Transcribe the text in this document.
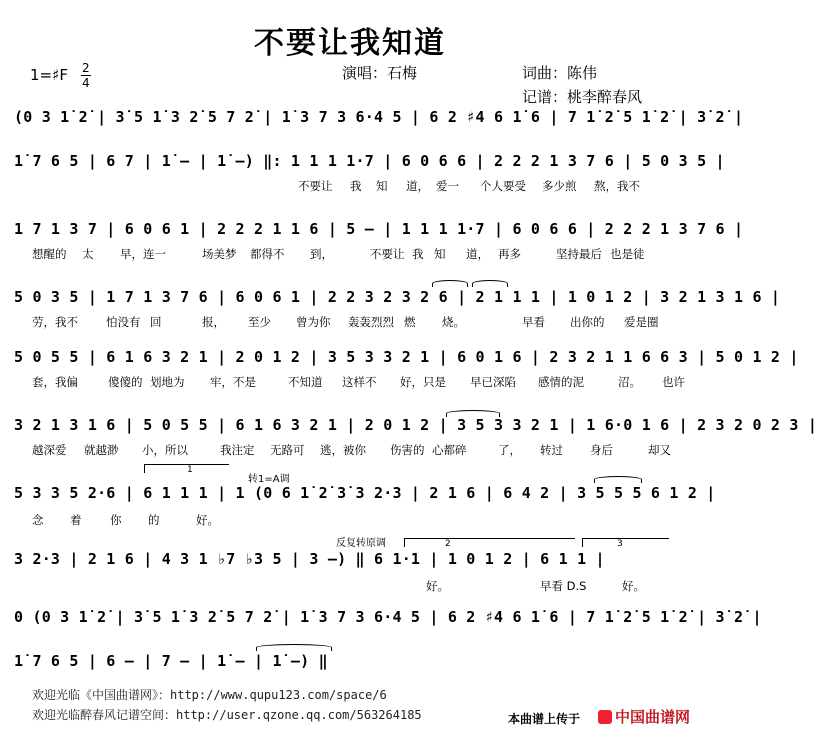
不要让我知道
1=♯F $\frac{2}{4}$	演唱：石梅	词曲：陈伟
记谱：桃李醉春风
(0 3 1̇ 2̇ | 3̇ 5 1̇ 3 2̇ 5 7 2̇ | 1̇ 3 7 3 6·4 5 | 6 2 ♯4 6 1̇ 6 | 7 1̇ 2̇ 5 1̇ 2̇ | 3̇ 2̇ |
1̇ 7 6 5 | 6 7 | 1̇ — | 1̇ —) ‖: 1 1 1 1·7 | 6 0 6 6 | 2 2 2 1 3 7 6 | 5 0 3 5 |
1 7 1 3 7 | 6 0 6 1 | 2 2 2 1 1 6 | 5 — | 1 1 1 1·7 | 6 0 6 6 | 2 2 2 1 3 7 6 |
5 0 3 5 | 1 7 1 3 7 6 | 6 0 6 1 | 2 2 3 2 3 2 6 | 2 1 1 1 | 1 0 1 2 | 3 2 1 3 1 6 |
5 0 5 5 | 6 1 6 3 2 1 | 2 0 1 2 | 3 5 3 3 2 1 | 6 0 1 6 | 2 3 2 1 1 6 6 3 | 5 0 1 2 |
3 2 1 3 1 6 | 5 0 5 5 | 6 1 6 3 2 1 | 2 0 1 2 | 3 5 3 3 2 1 | 1 6·0 1 6 | 2 3 2 0 2 3 |
5 3 3 5 2·6 | 6 1 1 1 | 1 (0 6 1̇ 2̇ 3̇ 3 2·3 | 2 1 6 | 6 4 2 | 3 5 5 5 6 1 2 |
3 2·3 | 2 1 6 | 4 3 1 ♭7 ♭3 5 | 3 —) ‖ 6 1·1 | 1 0 1 2 | 6 1 1 |
0 (0 3 1̇ 2̇ | 3̇ 5 1̇ 3 2̇ 5 7 2̇ | 1̇ 3 7 3 6·4 5 | 6 2 ♯4 6 1̇ 6 | 7 1̇ 2̇ 5 1̇ 2̇ | 3̇ 2̇ |
1̇ 7 6 5 | 6 — | 7 — | 1̇ — | 1̇ —) ‖
不要让 我 知 道， 爱一 个人要受 多少煎 熬，我不
想醒的 太 早，连一	场美梦 都得不 到，	不要让 我 知 道， 再多	坚持最后 也是徒
劳，我不 怕没有 回	报， 至少 曾为你 轰轰烈烈 燃 烧。	早看 出你的 爱是圈
套，我偏	傻傻的 划地为 牢，不是	不知道 这样不 好，只是 早已深陷 感情的泥	沼。 也许
越深爱 就越渺 小，所以	我注定 无路可 逃，被你 伤害的 心都碎	了， 转过 身后	却又
念 着 你 的	好。
好。	早看 D.S	好。
转1=A调
反复转原调
1
2	3
欢迎光临《中国曲谱网》：http://www.qupu123.com/space/6
欢迎光临醉春风记谱空间：http://user.qzone.qq.com/563264185	本曲谱上传于	中国曲谱网
